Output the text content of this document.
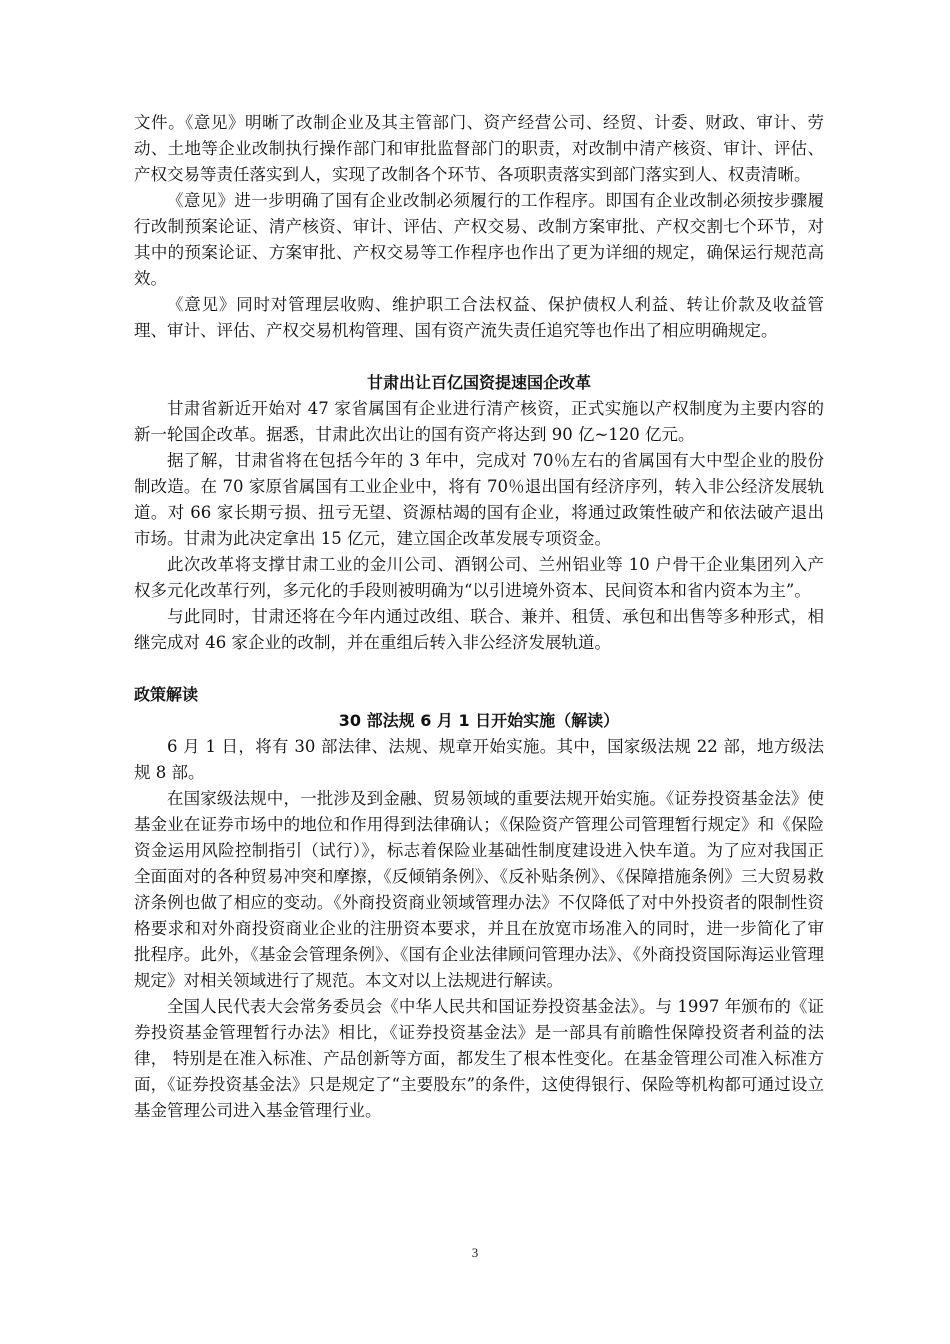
文件。《意见》明晰了改制企业及其主管部门、资产经营公司、经贸、计委、财政、审计、劳动、土地等企业改制执行操作部门和审批监督部门的职责，对改制中清产核资、审计、评估、产权交易等责任落实到人，实现了改制各个环节、各项职责落实到部门落实到人、权责清晰。

《意见》进一步明确了国有企业改制必须履行的工作程序。即国有企业改制必须按步骤履行改制预案论证、清产核资、审计、评估、产权交易、改制方案审批、产权交割七个环节，对其中的预案论证、方案审批、产权交易等工作程序也作出了更为详细的规定，确保运行规范高效。

《意见》同时对管理层收购、维护职工合法权益、保护债权人利益、转让价款及收益管理、审计、评估、产权交易机构管理、国有资产流失责任追究等也作出了相应明确规定。

甘肃出让百亿国资提速国企改革

甘肃省新近开始对 47 家省属国有企业进行清产核资，正式实施以产权制度为主要内容的新一轮国企改革。据悉，甘肃此次出让的国有资产将达到 90 亿~120 亿元。

据了解，甘肃省将在包括今年的 3 年中，完成对 70％左右的省属国有大中型企业的股份制改造。在 70 家原省属国有工业企业中，将有 70％退出国有经济序列，转入非公经济发展轨道。对 66 家长期亏损、扭亏无望、资源枯竭的国有企业，将通过政策性破产和依法破产退出市场。甘肃为此决定拿出 15 亿元，建立国企改革发展专项资金。

此次改革将支撑甘肃工业的金川公司、酒钢公司、兰州铝业等 10 户骨干企业集团列入产权多元化改革行列，多元化的手段则被明确为“以引进境外资本、民间资本和省内资本为主”。

与此同时，甘肃还将在今年内通过改组、联合、兼并、租赁、承包和出售等多种形式，相继完成对 46 家企业的改制，并在重组后转入非公经济发展轨道。

政策解读

30 部法规 6 月 1 日开始实施（解读）

6 月 1 日，将有 30 部法律、法规、规章开始实施。其中，国家级法规 22 部，地方级法规 8 部。

在国家级法规中，一批涉及到金融、贸易领域的重要法规开始实施。《证券投资基金法》使基金业在证券市场中的地位和作用得到法律确认；《保险资产管理公司管理暂行规定》和《保险资金运用风险控制指引（试行）》，标志着保险业基础性制度建设进入快车道。为了应对我国正全面面对的各种贸易冲突和摩擦，《反倾销条例》、《反补贴条例》、《保障措施条例》三大贸易救济条例也做了相应的变动。《外商投资商业领域管理办法》不仅降低了对中外投资者的限制性资格要求和对外商投资商业企业的注册资本要求，并且在放宽市场准入的同时，进一步简化了审批程序。此外，《基金会管理条例》、《国有企业法律顾问管理办法》、《外商投资国际海运业管理规定》对相关领域进行了规范。本文对以上法规进行解读。

全国人民代表大会常务委员会《中华人民共和国证券投资基金法》。与 1997 年颁布的《证券投资基金管理暂行办法》相比，《证券投资基金法》是一部具有前瞻性保障投资者利益的法律， 特别是在准入标准、产品创新等方面，都发生了根本性变化。在基金管理公司准入标准方面，《证券投资基金法》只是规定了“主要股东”的条件，这使得银行、保险等机构都可通过设立基金管理公司进入基金管理行业。

3
